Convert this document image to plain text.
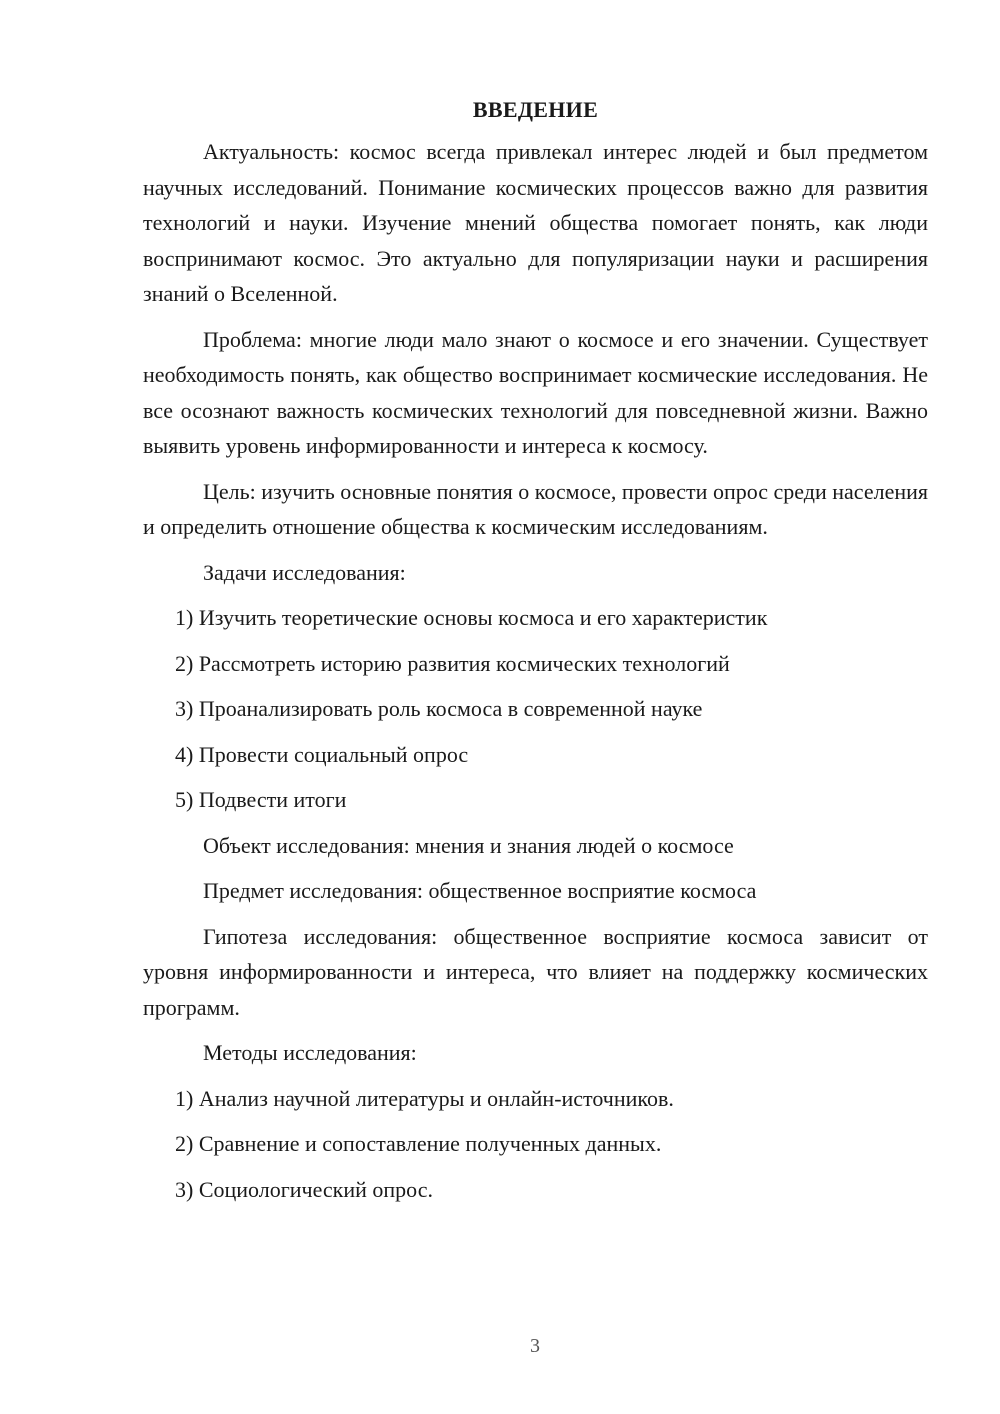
ВВЕДЕНИЕ
Актуальность: космос всегда привлекал интерес людей и был предметом научных исследований. Понимание космических процессов важно для развития технологий и науки. Изучение мнений общества помогает понять, как люди воспринимают космос. Это актуально для популяризации науки и расширения знаний о Вселенной.
Проблема: многие люди мало знают о космосе и его значении. Существует необходимость понять, как общество воспринимает космические исследования. Не все осознают важность космических технологий для повседневной жизни. Важно выявить уровень информированности и интереса к космосу.
Цель: изучить основные понятия о космосе, провести опрос среди населения и определить отношение общества к космическим исследованиям.
Задачи исследования:
1) Изучить теоретические основы космоса и его характеристик
2) Рассмотреть историю развития космических технологий
3) Проанализировать роль космоса в современной науке
4) Провести социальный опрос
5) Подвести итоги
Объект исследования: мнения и знания людей о космосе
Предмет исследования: общественное восприятие космоса
Гипотеза исследования: общественное восприятие космоса зависит от уровня информированности и интереса, что влияет на поддержку космических программ.
Методы исследования:
1) Анализ научной литературы и онлайн-источников.
2) Сравнение и сопоставление полученных данных.
3) Социологический опрос.
3
